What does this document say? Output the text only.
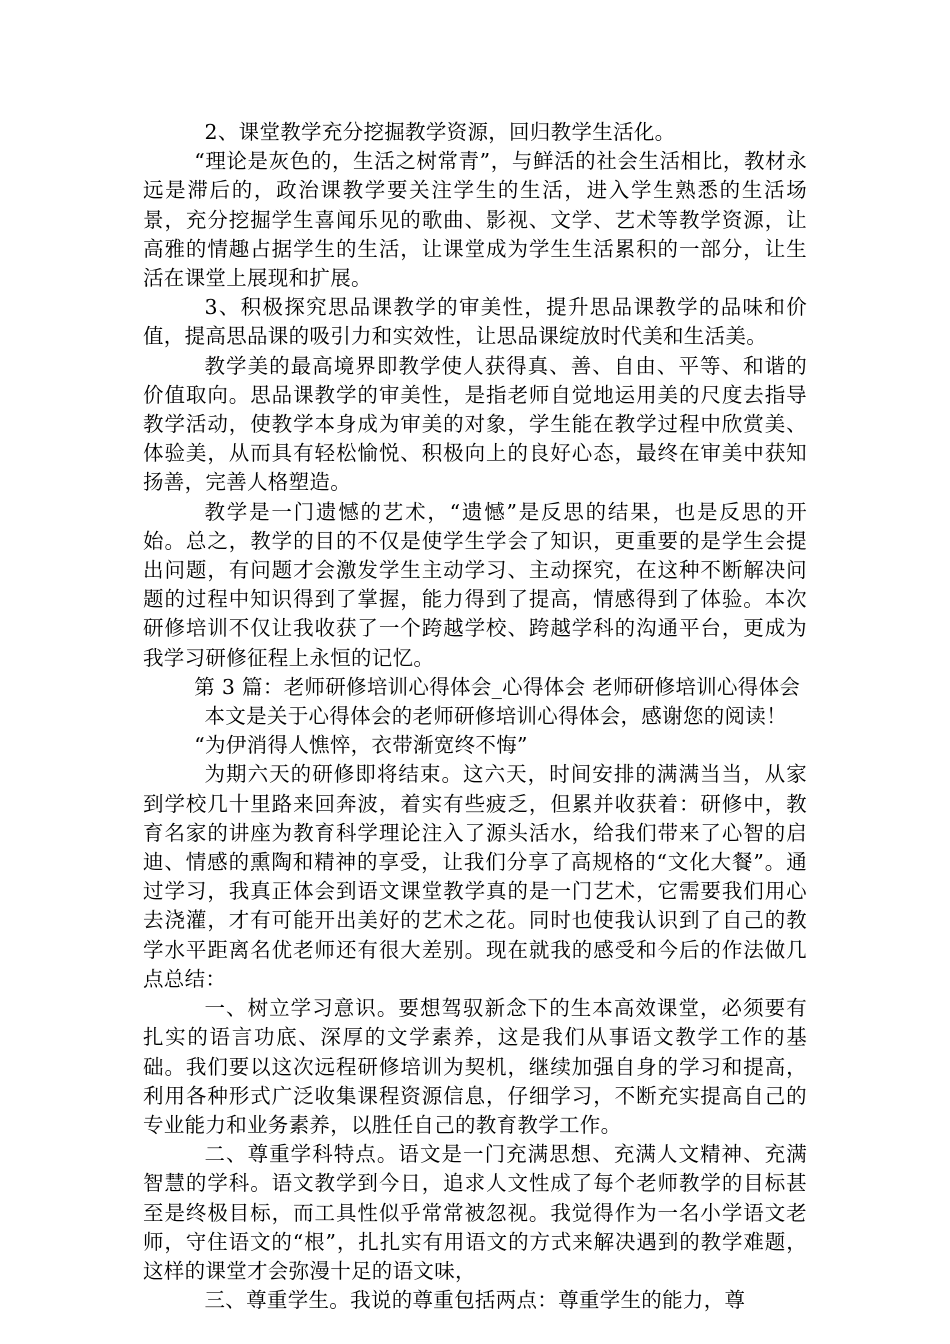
2、课堂教学充分挖掘教学资源，回归教学生活化。

“理论是灰色的，生活之树常青”，与鲜活的社会生活相比，教材永远是滞后的，政治课教学要关注学生的生活，进入学生熟悉的生活场景，充分挖掘学生喜闻乐见的歌曲、影视、文学、艺术等教学资源，让高雅的情趣占据学生的生活，让课堂成为学生生活累积的一部分，让生活在课堂上展现和扩展。

3、积极探究思品课教学的审美性，提升思品课教学的品味和价值，提高思品课的吸引力和实效性，让思品课绽放时代美和生活美。

教学美的最高境界即教学使人获得真、善、自由、平等、和谐的价值取向。思品课教学的审美性，是指老师自觉地运用美的尺度去指导教学活动，使教学本身成为审美的对象，学生能在教学过程中欣赏美、体验美，从而具有轻松愉悦、积极向上的良好心态，最终在审美中获知扬善，完善人格塑造。

教学是一门遗憾的艺术，“遗憾”是反思的结果，也是反思的开始。总之，教学的目的不仅是使学生学会了知识，更重要的是学生会提出问题，有问题才会激发学生主动学习、主动探究，在这种不断解决问题的过程中知识得到了掌握，能力得到了提高，情感得到了体验。本次研修培训不仅让我收获了一个跨越学校、跨越学科的沟通平台，更成为我学习研修征程上永恒的记忆。

第 3 篇：老师研修培训心得体会_心得体会 老师研修培训心得体会

本文是关于心得体会的老师研修培训心得体会，感谢您的阅读！

“为伊消得人憔悴，衣带渐宽终不悔”

为期六天的研修即将结束。这六天，时间安排的满满当当，从家到学校几十里路来回奔波，着实有些疲乏，但累并收获着：研修中，教育名家的讲座为教育科学理论注入了源头活水，给我们带来了心智的启迪、情感的熏陶和精神的享受，让我们分享了高规格的“文化大餐”。通过学习，我真正体会到语文课堂教学真的是一门艺术，它需要我们用心去浇灌，才有可能开出美好的艺术之花。同时也使我认识到了自己的教学水平距离名优老师还有很大差别。现在就我的感受和今后的作法做几点总结：

一、树立学习意识。要想驾驭新念下的生本高效课堂，必须要有扎实的语言功底、深厚的文学素养，这是我们从事语文教学工作的基础。我们要以这次远程研修培训为契机，继续加强自身的学习和提高，利用各种形式广泛收集课程资源信息，仔细学习，不断充实提高自己的专业能力和业务素养，以胜任自己的教育教学工作。

二、尊重学科特点。语文是一门充满思想、充满人文精神、充满智慧的学科。语文教学到今日，追求人文性成了每个老师教学的目标甚至是终极目标，而工具性似乎常常被忽视。我觉得作为一名小学语文老师，守住语文的“根”，扎扎实有用语文的方式来解决遇到的教学难题，这样的课堂才会弥漫十足的语文味，

三、尊重学生。我说的尊重包括两点：尊重学生的能力，尊
